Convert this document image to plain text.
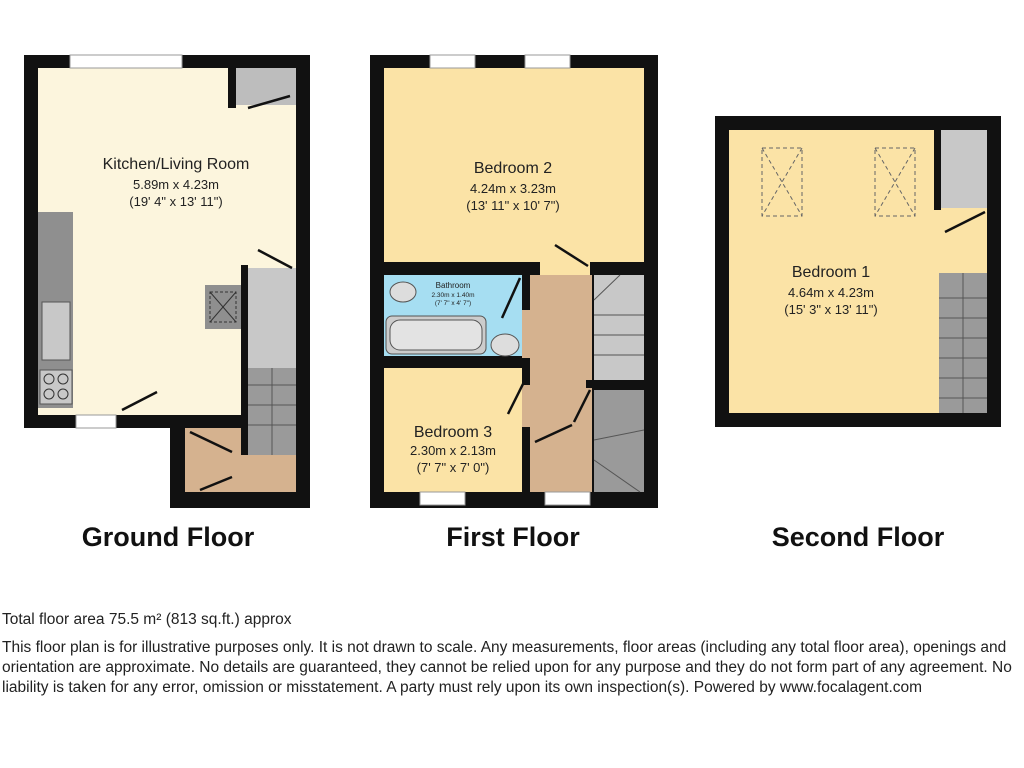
Kitchen/Living Room
5.89m x 4.23m
(19' 4" x 13' 11")
Bedroom 2
4.24m x 3.23m
(13' 11" x 10' 7")
Bathroom
2.30m x 1.40m
(7' 7" x 4' 7")
Bedroom 3
2.30m x 2.13m
(7' 7" x 7' 0")
Bedroom 1
4.64m x 4.23m
(15' 3" x 13' 11")
Ground Floor	First Floor	Second Floor
Total floor area 75.5 m² (813 sq.ft.) approx
This floor plan is for illustrative purposes only. It is not drawn to scale. Any measurements, floor areas (including any total floor area), openings and orientation are approximate. No details are guaranteed, they cannot be relied upon for any purpose and they do not form part of any agreement. No liability is taken for any error, omission or misstatement. A party must rely upon its own inspection(s). Powered by www.focalagent.com
